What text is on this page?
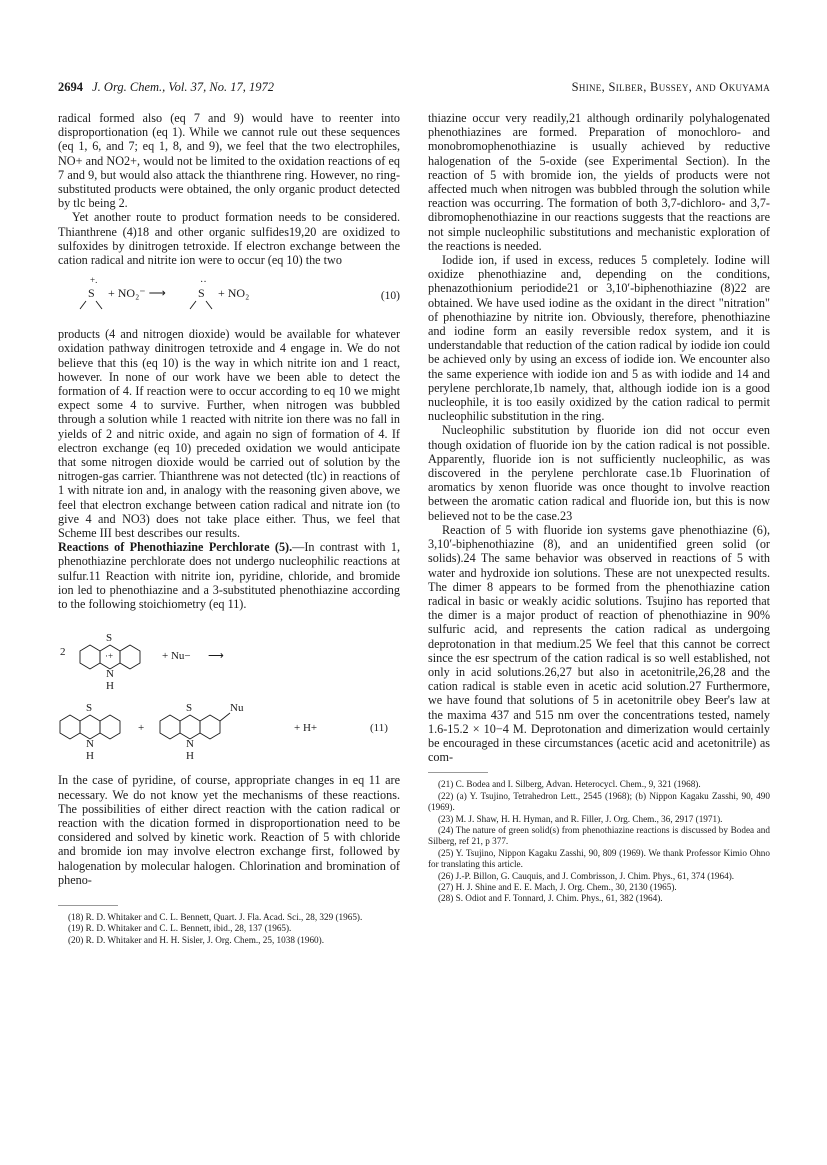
2694 J. Org. Chem., Vol. 37, No. 17, 1972	Shine, Silber, Bussey, and Okuyama

radical formed also (eq 7 and 9) would have to reenter into disproportionation (eq 1). While we cannot rule out these sequences (eq 1, 6, and 7; eq 1, 8, and 9), we feel that the two electrophiles, NO+ and NO2+, would not be limited to the oxidation reactions of eq 7 and 9, but would also attack the thianthrene ring. However, no ring-substituted products were obtained, the only organic product detected by tlc being 2.

Yet another route to product formation needs to be considered. Thianthrene (4)18 and other organic sulfides19,20 are oxidized to sulfoxides by dinitrogen tetroxide. If electron exchange between the cation radical and nitrite ion were to occur (eq 10) the two

+.
S + NO₂⁻ ⟶
··
S + NO₂	(10)

products (4 and nitrogen dioxide) would be available for whatever oxidation pathway dinitrogen tetroxide and 4 engage in. We do not believe that this (eq 10) is the way in which nitrite ion and 1 react, however. In none of our work have we been able to detect the formation of 4. If reaction were to occur according to eq 10 we might expect some 4 to survive. Further, when nitrogen was bubbled through a solution while 1 reacted with nitrite ion there was no fall in yields of 2 and nitric oxide, and again no sign of formation of 4. If electron exchange (eq 10) preceded oxidation we would anticipate that some nitrogen dioxide would be carried out of solution by the nitrogen-gas carrier. Thianthrene was not detected (tlc) in reactions of 1 with nitrate ion and, in analogy with the reasoning given above, we feel that electron exchange between cation radical and nitrate ion (to give 4 and NO3) does not take place either. Thus, we feel that Scheme III best describes our results.

Reactions of Phenothiazine Perchlorate (5).—In contrast with 1, phenothiazine perchlorate does not undergo nucleophilic reactions at sulfur.11 Reaction with nitrite ion, pyridine, chloride, and bromide ion led to phenothiazine and a 3-substituted phenothiazine according to the following stoichiometry (eq 11).

2
S
·+
N
H
+ Nu− ⟶
S
N
H
+
S
N
H
Nu
+ H+	(11)

In the case of pyridine, of course, appropriate changes in eq 11 are necessary. We do not know yet the mechanisms of these reactions. The possibilities of either direct reaction with the cation radical or reaction with the dication formed in disproportionation need to be considered and solved by kinetic work. Reaction of 5 with chloride and bromide ion may involve electron exchange first, followed by halogenation by molecular halogen. Chlorination and bromination of pheno-

(18) R. D. Whitaker and C. L. Bennett, Quart. J. Fla. Acad. Sci., 28, 329 (1965).
(19) R. D. Whitaker and C. L. Bennett, ibid., 28, 137 (1965).
(20) R. D. Whitaker and H. H. Sisler, J. Org. Chem., 25, 1038 (1960).

thiazine occur very readily,21 although ordinarily polyhalogenated phenothiazines are formed. Preparation of monochloro- and monobromophenothiazine is usually achieved by reductive halogenation of the 5-oxide (see Experimental Section). In the reaction of 5 with bromide ion, the yields of products were not affected much when nitrogen was bubbled through the solution while reaction was occurring. The formation of both 3,7-dichloro- and 3,7-dibromophenothiazine in our reactions suggests that the reactions are not simple nucleophilic substitutions and mechanistic exploration of the reactions is needed.

Iodide ion, if used in excess, reduces 5 completely. Iodine will oxidize phenothiazine and, depending on the conditions, phenazothionium periodide21 or 3,10′-biphenothiazine (8)22 are obtained. We have used iodine as the oxidant in the direct "nitration" of phenothiazine by nitrite ion. Obviously, therefore, phenothiazine and iodine form an easily reversible redox system, and it is understandable that reduction of the cation radical by iodide ion could be achieved only by using an excess of iodide ion. We encounter also the same experience with iodide ion and 5 as with iodide and 14 and perylene perchlorate,1b namely, that, although iodide ion is a good nucleophile, it is too easily oxidized by the cation radical to permit nucleophilic substitution in the ring.

Nucleophilic substitution by fluoride ion did not occur even though oxidation of fluoride ion by the cation radical is not possible. Apparently, fluoride ion is not sufficiently nucleophilic, as was discovered in the perylene perchlorate case.1b Fluorination of aromatics by xenon fluoride was once thought to involve reaction between the aromatic cation radical and fluoride ion, but this is now believed not to be the case.23

Reaction of 5 with fluoride ion systems gave phenothiazine (6), 3,10′-biphenothiazine (8), and an unidentified green solid (or solids).24 The same behavior was observed in reactions of 5 with water and hydroxide ion solutions. These are not unexpected results. The dimer 8 appears to be formed from the phenothiazine cation radical in basic or weakly acidic solutions. Tsujino has reported that the dimer is a major product of reaction of phenothiazine in 90% sulfuric acid, and represents the cation radical as undergoing deprotonation in that medium.25 We feel that this cannot be correct since the esr spectrum of the cation radical is so well established, not only in acid solutions.26,27 but also in acetonitrile,26,28 and the cation radical is stable even in acetic acid solution.27 Furthermore, we have found that solutions of 5 in acetonitrile obey Beer's law at the maxima 437 and 515 nm over the concentrations tested, namely 1.6-15.2 × 10−4 M. Deprotonation and dimerization would certainly be encouraged in these circumstances (acetic acid and acetonitrile) as com-

(21) C. Bodea and I. Silberg, Advan. Heterocycl. Chem., 9, 321 (1968).
(22) (a) Y. Tsujino, Tetrahedron Lett., 2545 (1968); (b) Nippon Kagaku Zasshi, 90, 490 (1969).
(23) M. J. Shaw, H. H. Hyman, and R. Filler, J. Org. Chem., 36, 2917 (1971).
(24) The nature of green solid(s) from phenothiazine reactions is discussed by Bodea and Silberg, ref 21, p 377.
(25) Y. Tsujino, Nippon Kagaku Zasshi, 90, 809 (1969). We thank Professor Kimio Ohno for translating this article.
(26) J.-P. Billon, G. Cauquis, and J. Combrisson, J. Chim. Phys., 61, 374 (1964).
(27) H. J. Shine and E. E. Mach, J. Org. Chem., 30, 2130 (1965).
(28) S. Odiot and F. Tonnard, J. Chim. Phys., 61, 382 (1964).
